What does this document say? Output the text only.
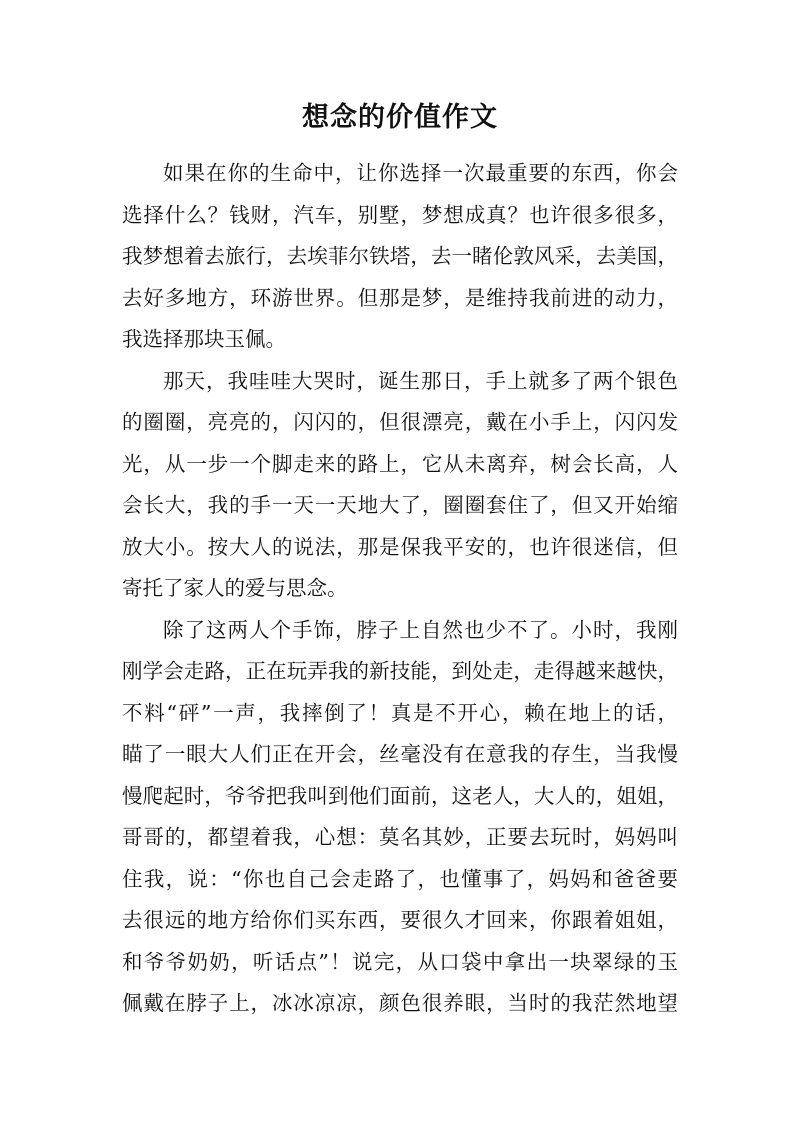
想念的价值作文

如果在你的生命中，让你选择一次最重要的东西，你会
选择什么？钱财，汽车，别墅，梦想成真？也许很多很多，
我梦想着去旅行，去埃菲尔铁塔，去一睹伦敦风采，去美国，
去好多地方，环游世界。但那是梦，是维持我前进的动力，
我选择那块玉佩。

那天，我哇哇大哭时，诞生那日，手上就多了两个银色
的圈圈，亮亮的，闪闪的，但很漂亮，戴在小手上，闪闪发
光，从一步一个脚走来的路上，它从未离弃，树会长高，人
会长大，我的手一天一天地大了，圈圈套住了，但又开始缩
放大小。按大人的说法，那是保我平安的，也许很迷信，但
寄托了家人的爱与思念。

除了这两人个手饰，脖子上自然也少不了。小时，我刚
刚学会走路，正在玩弄我的新技能，到处走，走得越来越快，
不料“砰”一声，我摔倒了！真是不开心，赖在地上的话，
瞄了一眼大人们正在开会，丝毫没有在意我的存生，当我慢
慢爬起时，爷爷把我叫到他们面前，这老人，大人的，姐姐，
哥哥的，都望着我，心想：莫名其妙，正要去玩时，妈妈叫
住我，说：“你也自己会走路了，也懂事了，妈妈和爸爸要
去很远的地方给你们买东西，要很久才回来，你跟着姐姐，
和爷爷奶奶，听话点”！说完，从口袋中拿出一块翠绿的玉
佩戴在脖子上，冰冰凉凉，颜色很养眼，当时的我茫然地望
